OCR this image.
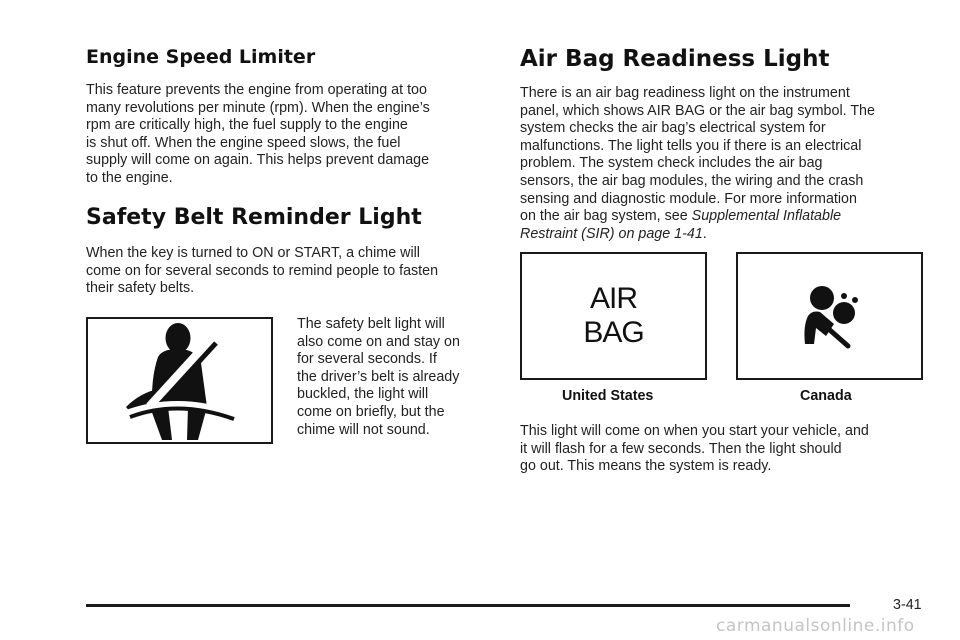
Engine Speed Limiter

This feature prevents the engine from operating at too

many revolutions per minute (rpm). When the engine’s

rpm are critically high, the fuel supply to the engine

is shut off. When the engine speed slows, the fuel

supply will come on again. This helps prevent damage

to the engine.

Safety Belt Reminder Light

When the key is turned to ON or START, a chime will

come on for several seconds to remind people to fasten

their safety belts.

The safety belt light will

also come on and stay on

for several seconds. If

the driver’s belt is already

buckled, the light will

come on briefly, but the

chime will not sound.

Air Bag Readiness Light

There is an air bag readiness light on the instrument

panel, which shows AIR BAG or the air bag symbol. The

system checks the air bag’s electrical system for

malfunctions. The light tells you if there is an electrical

problem. The system check includes the air bag

sensors, the air bag modules, the wiring and the crash

sensing and diagnostic module. For more information

on the air bag system, see Supplemental Inflatable

Restraint (SIR) on page 1-41.

AIR
BAG
United States	Canada

This light will come on when you start your vehicle, and

it will flash for a few seconds. Then the light should

go out. This means the system is ready.

3-41
carmanualsonline.info
